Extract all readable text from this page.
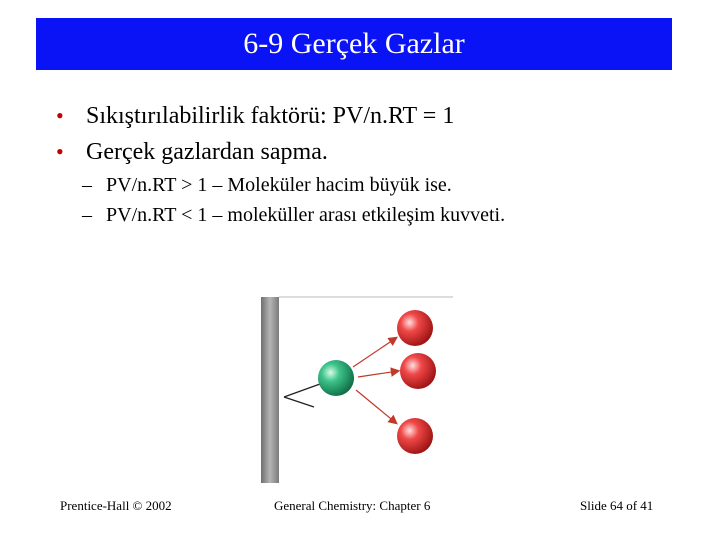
6-9 Gerçek Gazlar
• Sıkıştırılabilirlik faktörü: PV/n.RT = 1
• Gerçek gazlardan sapma.
– PV/n.RT > 1 – Moleküler hacim büyük ise.
– PV/n.RT < 1 – moleküller arası etkileşim kuvveti.
Prentice-Hall © 2002	General Chemistry: Chapter 6	Slide 64 of 41
